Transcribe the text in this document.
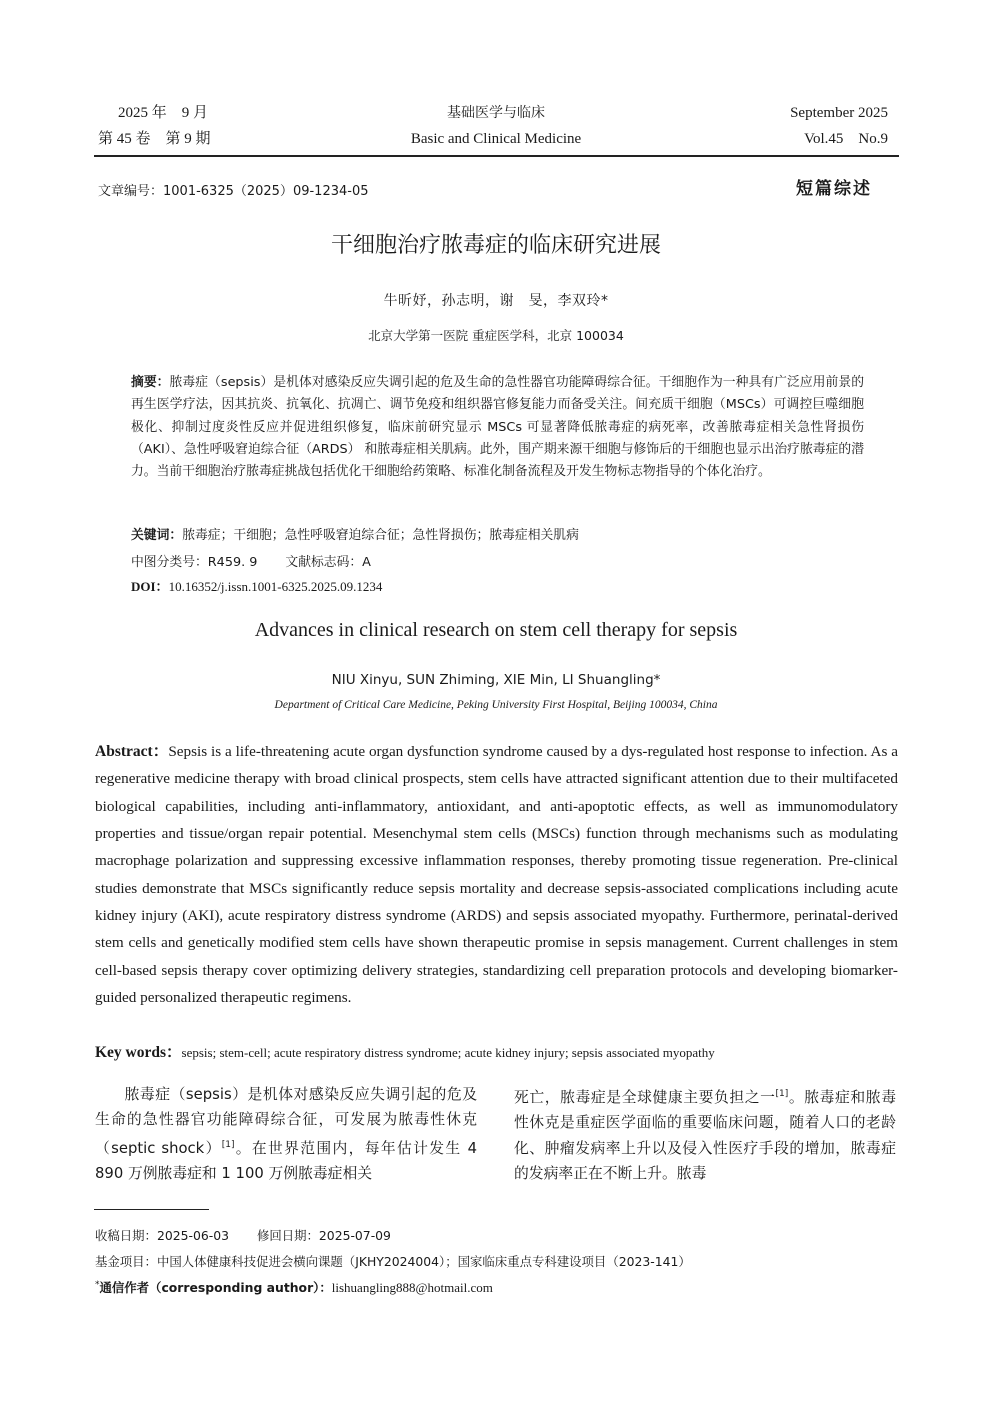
2025 年　9 月
第 45 卷　第 9 期
基础医学与临床
Basic and Clinical Medicine
September 2025
Vol.45　No.9
文章编号：1001-6325（2025）09-1234-05	短篇综述
干细胞治疗脓毒症的临床研究进展
牛昕妤，孙志明，谢　旻，李双玲*
北京大学第一医院 重症医学科，北京 100034
摘要：脓毒症（sepsis）是机体对感染反应失调引起的危及生命的急性器官功能障碍综合征。干细胞作为一种具有广泛应用前景的再生医学疗法，因其抗炎、抗氧化、抗凋亡、调节免疫和组织器官修复能力而备受关注。间充质干细胞（MSCs）可调控巨噬细胞极化、抑制过度炎性反应并促进组织修复，临床前研究显示 MSCs 可显著降低脓毒症的病死率，改善脓毒症相关急性肾损伤（AKI）、急性呼吸窘迫综合征（ARDS） 和脓毒症相关肌病。此外，围产期来源干细胞与修饰后的干细胞也显示出治疗脓毒症的潜力。当前干细胞治疗脓毒症挑战包括优化干细胞给药策略、标准化制备流程及开发生物标志物指导的个体化治疗。
关键词：脓毒症；干细胞；急性呼吸窘迫综合征；急性肾损伤；脓毒症相关肌病
中图分类号：R459. 9 文献标志码：A
DOI：10.16352/j.issn.1001-6325.2025.09.1234
Advances in clinical research on stem cell therapy for sepsis
NIU Xinyu, SUN Zhiming, XIE Min, LI Shuangling*
Department of Critical Care Medicine, Peking University First Hospital, Beijing 100034, China
Abstract：Sepsis is a life-threatening acute organ dysfunction syndrome caused by a dys-regulated host response to infection. As a regenerative medicine therapy with broad clinical prospects, stem cells have attracted significant attention due to their multifaceted biological capabilities, including anti-inflammatory, antioxidant, and anti-apoptotic effects, as well as immunomodulatory properties and tissue/organ repair potential. Mesenchymal stem cells (MSCs) function through mechanisms such as modulating macrophage polarization and suppressing excessive inflammation responses, thereby promoting tissue regeneration. Pre-clinical studies demonstrate that MSCs significantly reduce sepsis mortality and decrease sepsis-associated complications including acute kidney injury (AKI), acute respiratory distress syndrome (ARDS) and sepsis associated myopathy. Furthermore, perinatal-derived stem cells and genetically modified stem cells have shown therapeutic promise in sepsis management. Current challenges in stem cell-based sepsis therapy cover optimizing delivery strategies, standardizing cell preparation protocols and developing biomarker-guided personalized therapeutic regimens.
Key words：sepsis; stem-cell; acute respiratory distress syndrome; acute kidney injury; sepsis associated myopathy
脓毒症（sepsis）是机体对感染反应失调引起的危及生命的急性器官功能障碍综合征，可发展为脓毒性休克（septic shock）[1]。在世界范围内，每年估计发生 4 890 万例脓毒症和 1 100 万例脓毒症相关
死亡，脓毒症是全球健康主要负担之一[1]。脓毒症和脓毒性休克是重症医学面临的重要临床问题，随着人口的老龄化、肿瘤发病率上升以及侵入性医疗手段的增加，脓毒症的发病率正在不断上升。脓毒
收稿日期：2025-06-03 修回日期：2025-07-09
基金项目：中国人体健康科技促进会横向课题（JKHY2024004）；国家临床重点专科建设项目（2023-141）
*通信作者（corresponding author）：lishuangling888@hotmail.com
